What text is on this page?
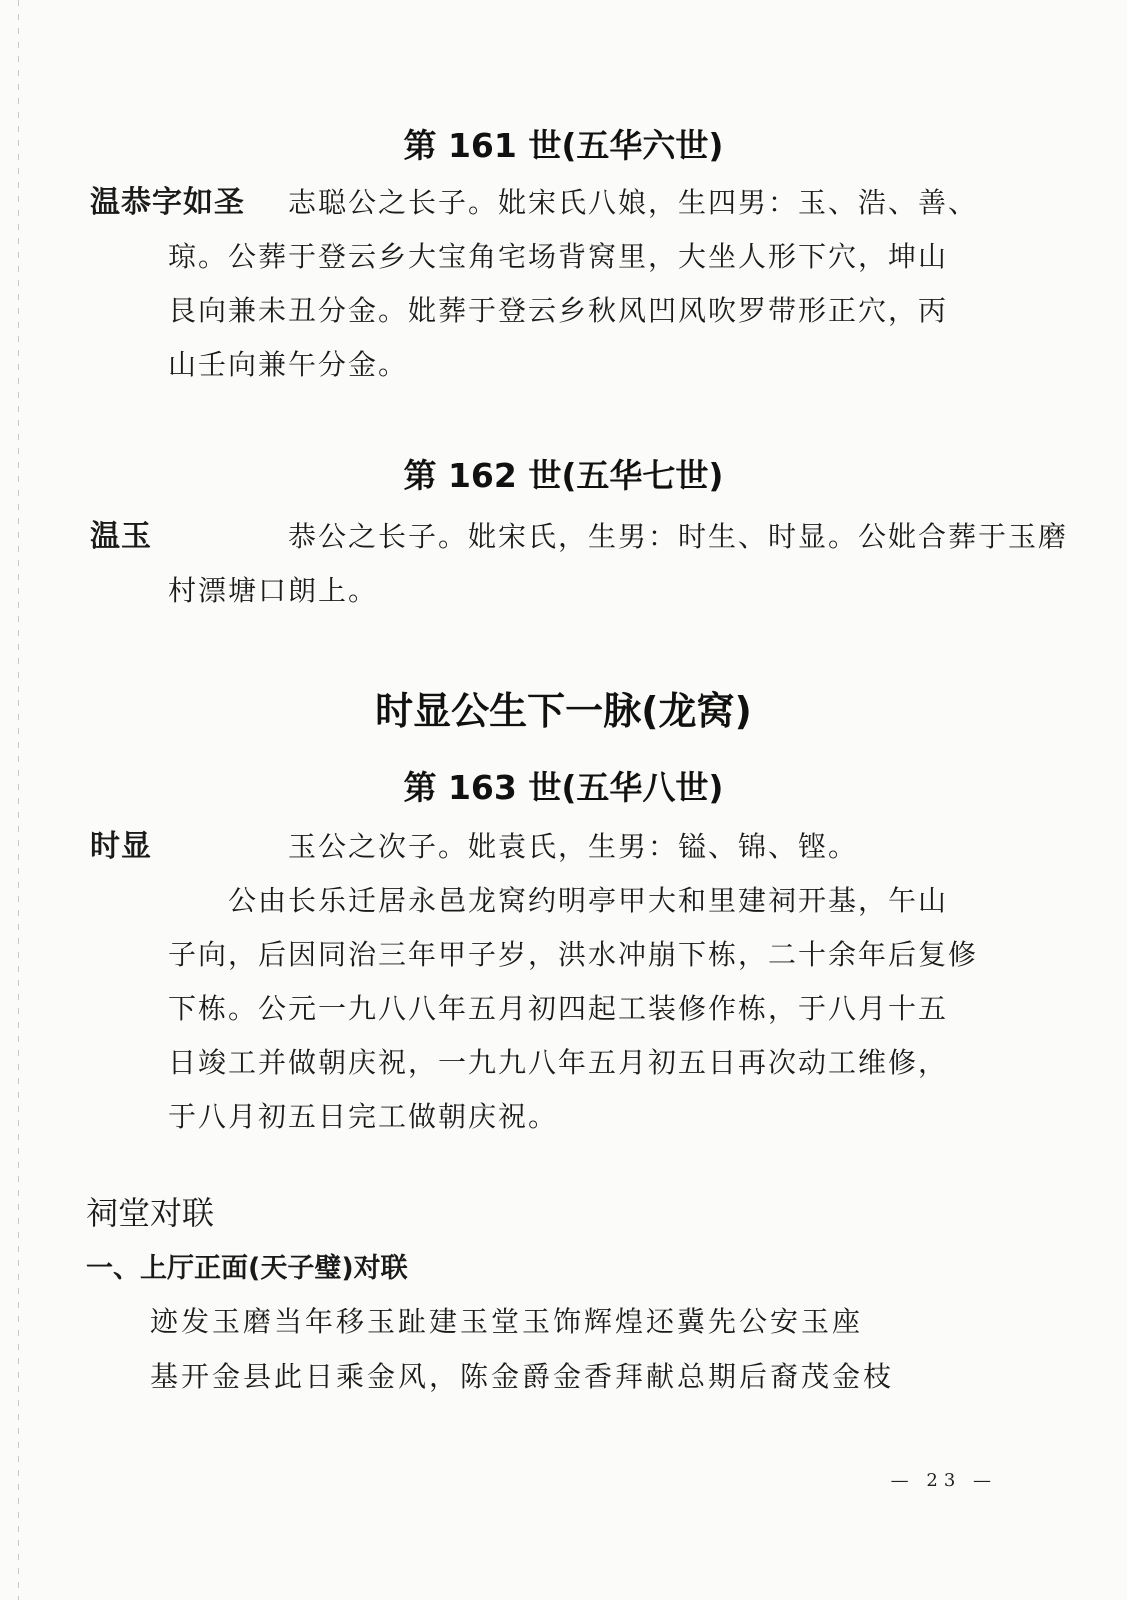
第 161 世(五华六世)
温恭字如圣	志聪公之长子。妣宋氏八娘，生四男：玉、浩、善、
琼。公葬于登云乡大宝角宅场背窝里，大坐人形下穴，坤山
艮向兼未丑分金。妣葬于登云乡秋风凹风吹罗带形正穴，丙
山壬向兼午分金。
第 162 世(五华七世)
温玉	恭公之长子。妣宋氏，生男：时生、时显。公妣合葬于玉磨
村漂塘口朗上。
时显公生下一脉(龙窝)
第 163 世(五华八世)
时显	玉公之次子。妣袁氏，生男：镒、锦、铿。
公由长乐迁居永邑龙窝约明亭甲大和里建祠开基，午山
子向，后因同治三年甲子岁，洪水冲崩下栋，二十余年后复修
下栋。公元一九八八年五月初四起工装修作栋，于八月十五
日竣工并做朝庆祝，一九九八年五月初五日再次动工维修，
于八月初五日完工做朝庆祝。
祠堂对联
一、上厅正面(天子璧)对联
迹发玉磨当年移玉趾建玉堂玉饰辉煌还冀先公安玉座
基开金县此日乘金风，陈金爵金香拜献总期后裔茂金枝
— 23 —
